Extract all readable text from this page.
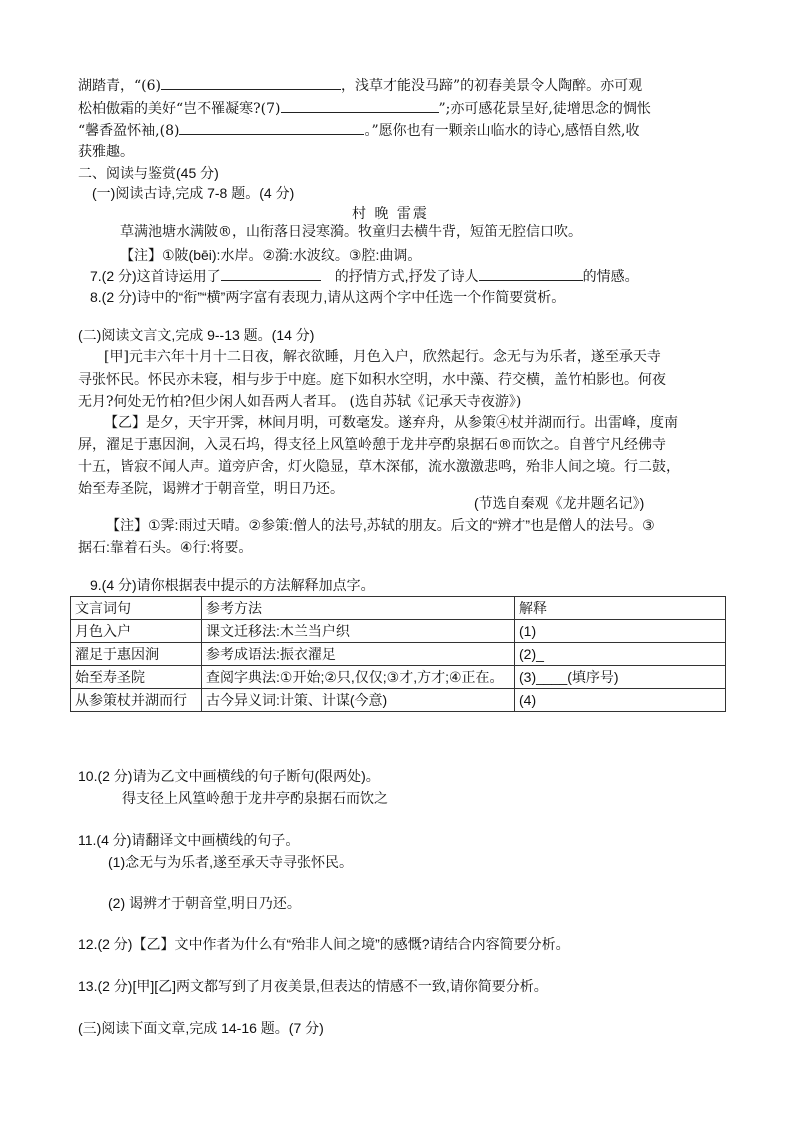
湖踏青，“(6)	，浅草才能没马蹄”的初春美景令人陶醉。亦可观
松柏傲霜的美好“岂不罹凝寒?(7)	”;亦可感花景呈好,徒增思念的惆怅
“馨香盈怀袖,(8)	。”愿你也有一颗亲山临水的诗心,感悟自然,收
获雅趣。
二、阅读与鉴赏(45 分)
(一)阅读古诗,完成 7-8 题。(4 分)
村 晚 雷震
草满池塘水满陂®，山衔落日浸寒漪。牧童归去横牛背，短笛无腔信口吹。
【注】①陂(bēi):水岸。②漪:水波纹。③腔:曲调。
7.(2 分)这首诗运用了	的抒情方式,抒发了诗人	的情感。
8.(2 分)诗中的“衔”“横”两字富有表现力,请从这两个字中任选一个作简要赏析。
(二)阅读文言文,完成 9--13 题。(14 分)
[甲]元丰六年十月十二日夜，解衣欲睡，月色入户，欣然起行。念无与为乐者，遂至承天寺
寻张怀民。怀民亦未寝，相与步于中庭。庭下如积水空明，水中藻、荇交横，盖竹柏影也。何夜
无月?何处无竹柏?但少闲人如吾两人者耳。 (选自苏轼《记承天寺夜游》)
【乙】是夕，天宇开霁，林间月明，可数毫发。遂弃舟，从参策④杖并湖而行。出雷峰，度南
屏，濯足于惠因涧，入灵石坞，得支径上风篁岭憩于龙井亭酌泉据石®而饮之。自普宁凡经佛寺
十五，皆寂不闻人声。道旁庐舍，灯火隐显，草木深郁，流水激激悲鸣，殆非人间之境。行二鼓，
始至寿圣院，谒辨才于朝音堂，明日乃还。
(节选自秦观《龙井题名记》)
【注】①霁:雨过天晴。②参策:僧人的法号,苏轼的朋友。后文的“辨才”也是僧人的法号。③
据石:靠着石头。④行:将要。
9.(4 分)请你根据表中提示的方法解释加点字。
文言词句	参考方法	解释
月色入户	课文迁移法:木兰当户织	(1)
濯足于惠因涧	参考成语法:振衣濯足	(2)_
始至寿圣院	查阅字典法:①开始;②只,仅仅;③才,方才;④正在。	(3)____(填序号)
从参策杖并湖而行	古今异义词:计策、计谋(今意)	(4)
10.(2 分)请为乙文中画横线的句子断句(限两处)。
得支径上风篁岭憩于龙井亭酌泉据石而饮之
11.(4 分)请翻译文中画横线的句子。
(1)念无与为乐者,遂至承天寺寻张怀民。
(2) 谒辨才于朝音堂,明日乃还。
12.(2 分)【乙】文中作者为什么有“殆非人间之境”的感慨?请结合内容简要分析。
13.(2 分)[甲][乙]两文都写到了月夜美景,但表达的情感不一致,请你简要分析。
(三)阅读下面文章,完成 14-16 题。(7 分)
